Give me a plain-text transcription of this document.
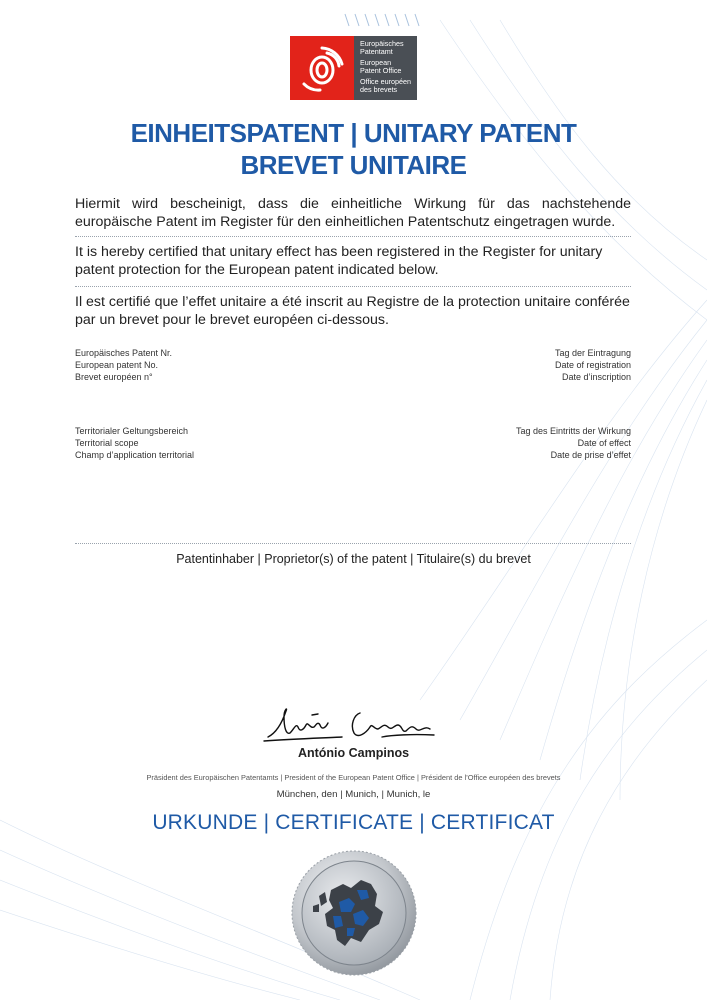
Europäisches
Patentamt
European
Patent Office
Office européen
des brevets
EINHEITSPATENT | UNITARY PATENT
BREVET UNITAIRE
Hiermit wird bescheinigt, dass die einheitliche Wirkung für das nachstehende europäische Patent im Register für den einheitlichen Patentschutz eingetragen wurde.
It is hereby certified that unitary effect has been registered in the Register for unitary patent protection for the European patent indicated below.
Il est certifié que l’effet unitaire a été inscrit au Registre de la protection unitaire conférée par un brevet pour le brevet européen ci-dessous.
Europäisches Patent Nr.
European patent No.
Brevet européen n°
Tag der Eintragung
Date of registration
Date d’inscription
Territorialer Geltungsbereich
Territorial scope
Champ d’application territorial
Tag des Eintritts der Wirkung
Date of effect
Date de prise d’effet
Patentinhaber | Proprietor(s) of the patent | Titulaire(s) du brevet
António Campinos
Präsident des Europäischen Patentamts | President of the European Patent Office | Président de l’Office européen des brevets
München, den | Munich, | Munich, le
URKUNDE | CERTIFICATE | CERTIFICAT
